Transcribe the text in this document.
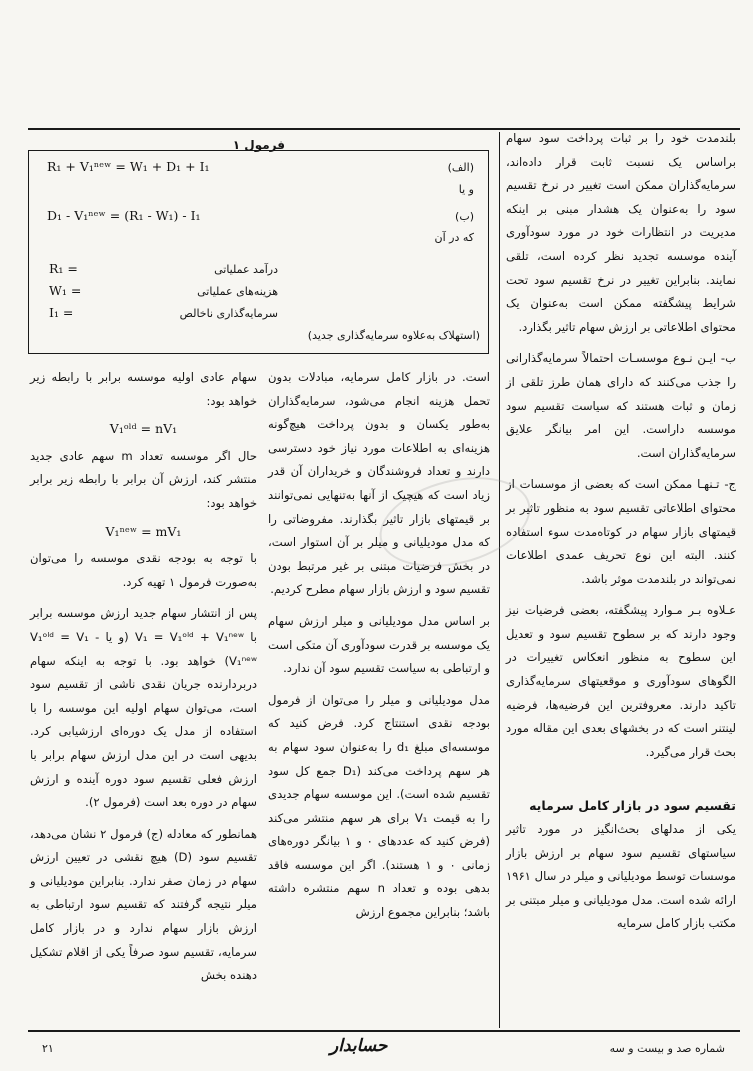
فرمول ۱
R₁ + V₁ⁿᵉʷ = W₁ + D₁ + I₁	(الف)
و یا
D₁ - V₁ⁿᵉʷ = (R₁ - W₁) - I₁	(ب)
که در آن
R₁ =	درآمد عملیاتی
W₁ =	هزینه‌های عملیاتی
I₁ =	سرمایه‌گذاری ناخالص
(استهلاک به‌علاوه سرمایه‌گذاری جدید)

بلندمدت خود را بر ثبات پرداخت سود سهام براساس یک نسبت ثابت قرار داده‌اند، سرمایه‌گذاران ممکن است تغییر در نرخ تقسیم سود را به‌عنوان یک هشدار مبنی بر اینکه مدیریت در انتظارات خود در مورد سودآوری آینده موسسه تجدید نظر کرده است، تلقی نمایند. بنابراین تغییر در نرخ تقسیم سود تحت شرایط پیشگفته ممکن است به‌عنوان یک محتوای اطلاعاتی بر ارزش سهام تاثیر بگذارد.

ب- ایـن نـوع موسسـات احتمالاً سرمایه‌گذارانی را جذب می‌کنند که دارای همان طرز تلقی از زمان و ثبات هستند که سیاست تقسیم سود موسسه داراست. این امر بیانگر علایق سرمایه‌گذاران است.

ج- تـنهـا ممکن است که بعضی از موسسات از محتوای اطلاعاتی تقسیم سود به منظور تاثیر بر قیمتهای بازار سهام در کوتاه‌مدت سوء استفاده کنند. البته این نوع تحریف عمدی اطلاعات نمی‌تواند در بلندمدت موثر باشد.

عـلاوه بـر مـوارد پیشگفته، بعضی فرضیات نیز وجود دارند که بر سطوح تقسیم سود و تعدیل این سطوح به منظور انعکاس تغییرات در الگوهای سودآوری و موقعیتهای سرمایه‌گذاری تاکید دارند. معروفترین این فرضیه‌ها، فرضیه لینتنر است که در بخشهای بعدی این مقاله مورد بحث قرار می‌گیرد.

تقسیم سود در بازار کامل سرمایه

یکی از مدلهای بحث‌انگیز در مورد تاثیر سیاستهای تقسیم سود سهام بر ارزش بازار موسسات توسط مودیلیانی و میلر در سال ۱۹۶۱ ارائه شده است. مدل مودیلیانی و میلر مبتنی بر مکتب بازار کامل سرمایه

است. در بازار کامل سرمایه، مبادلات بدون تحمل هزینه انجام می‌شود، سرمایه‌گذاران به‌طور یکسان و بدون پرداخت هیچ‌گونه هزینه‌ای به اطلاعات مورد نیاز خود دسترسی دارند و تعداد فروشندگان و خریداران آن قدر زیاد است که هیچیک از آنها به‌تنهایی نمی‌توانند بر قیمتهای بازار تاثیر بگذارند. مفروضاتی را که مدل مودیلیانی و میلر بر آن استوار است، در بخش فرضیات مبتنی بر غیر مرتبط بودن تقسیم سود و ارزش بازار سهام مطرح کردیم.

بر اساس مدل مودیلیانی و میلر ارزش سهام یک موسسه بر قدرت سودآوری آن متکی است و ارتباطی به سیاست تقسیم سود آن ندارد.

مدل مودیلیانی و میلر را می‌توان از فرمول بودجه نقدی استنتاج کرد. فرض کنید که موسسه‌ای مبلغ d₁ را به‌عنوان سود سهام به هر سهم پرداخت می‌کند (D₁ جمع کل سود تقسیم شده است). این موسسه سهام جدیدی را به قیمت V₁ برای هر سهم منتشر می‌کند (فرض کنید که عددهای ۰ و ۱ بیانگر دوره‌های زمانی ۰ و ۱ هستند). اگر این موسسه فاقد بدهی بوده و تعداد n سهم منتشره داشته باشد؛ بنابراین مجموع ارزش

سهام عادی اولیه موسسه برابر با رابطه زیر خواهد بود:

V₁ᵒˡᵈ = nV₁

حال اگر موسسه تعداد m سهم عادی جدید منتشر کند، ارزش آن برابر با رابطه زیر برابر خواهد بود:

V₁ⁿᵉʷ = mV₁

با توجه به بودجه نقدی موسسه را می‌توان به‌صورت فرمول ۱ تهیه کرد.

پس از انتشار سهام جدید ارزش موسسه برابر با V₁ = V₁ᵒˡᵈ + V₁ⁿᵉʷ (و یا V₁ᵒˡᵈ = V₁ - V₁ⁿᵉʷ) خواهد بود. با توجه به اینکه سهام دربردارنده جریان نقدی ناشی از تقسیم سود است، می‌توان سهام اولیه این موسسه را با استفاده از مدل یک دوره‌ای ارزشیابی کرد. بدیهی است در این مدل ارزش سهام برابر با ارزش فعلی تقسیم سود دوره آینده و ارزش سهام در دوره بعد است (فرمول ۲).

همانطور که معادله (ج) فرمول ۲ نشان می‌دهد، تقسیم سود (D) هیچ نقشی در تعیین ارزش سهام در زمان صفر ندارد. بنابراین مودیلیانی و میلر نتیجه گرفتند که تقسیم سود ارتباطی به ارزش بازار سهام ندارد و در بازار کامل سرمایه، تقسیم سود صرفاً یکی از اقلام تشکیل دهنده بخش

۲۱	حسابدار	شماره صد و بیست و سه
